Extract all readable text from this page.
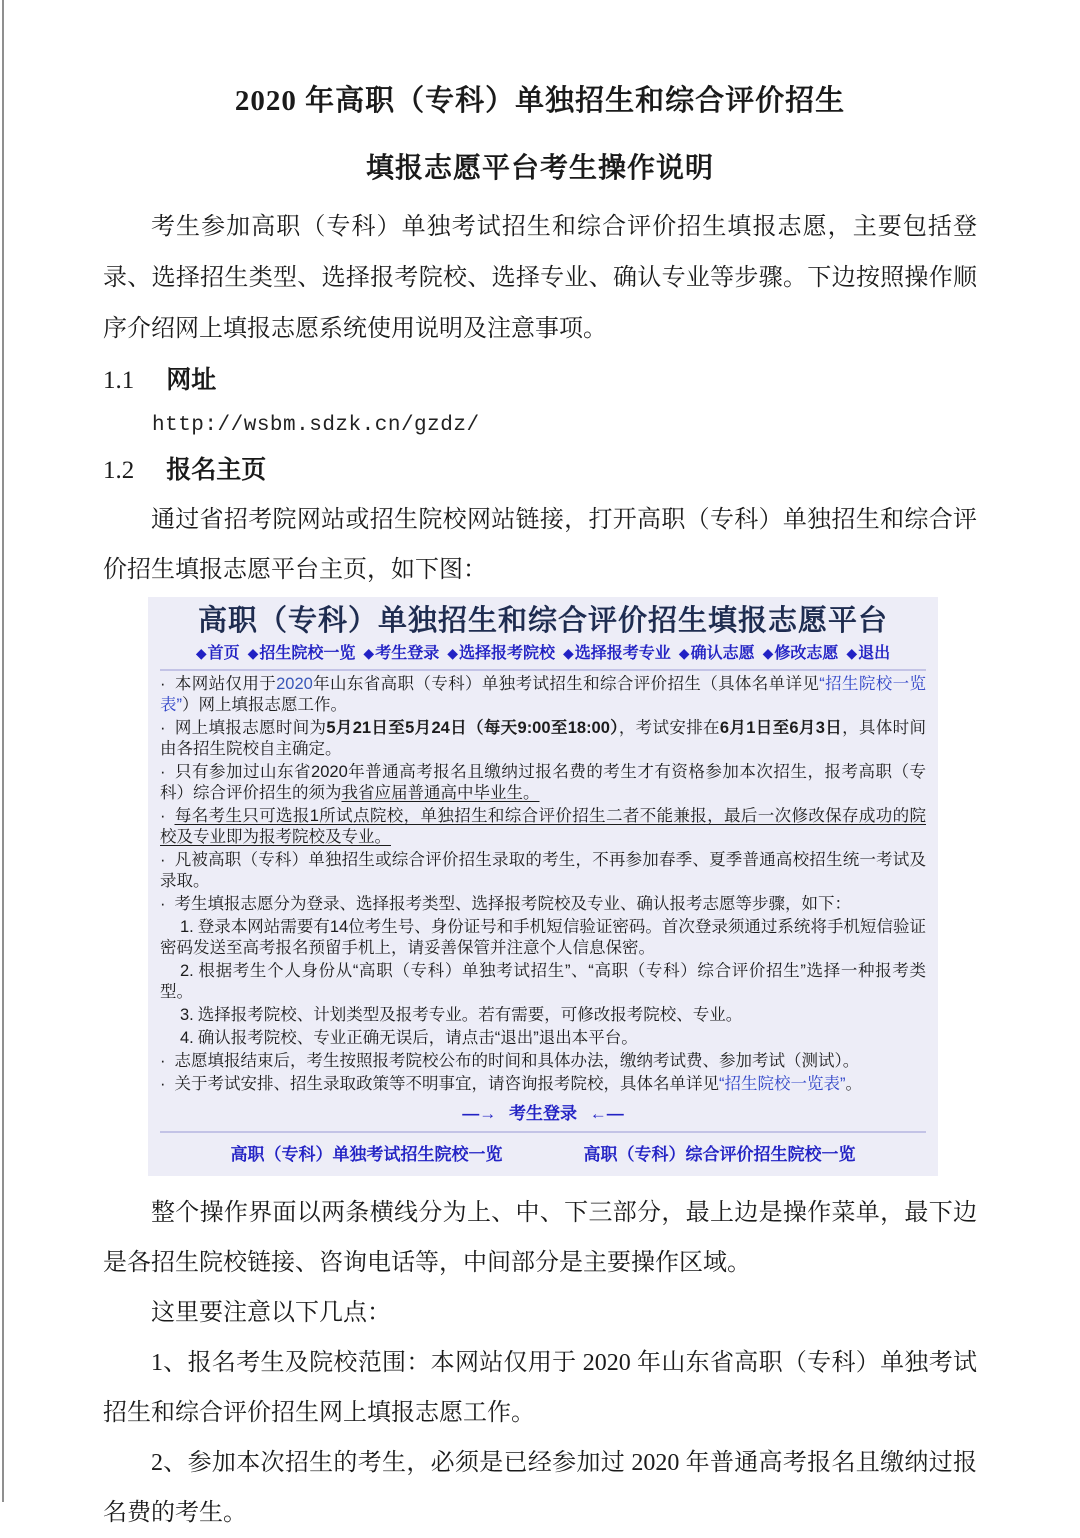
2020 年高职（专科）单独招生和综合评价招生
填报志愿平台考生操作说明

考生参加高职（专科）单独考试招生和综合评价招生填报志愿，主要包括登录、选择招生类型、选择报考院校、选择专业、确认专业等步骤。下边按照操作顺序介绍网上填报志愿系统使用说明及注意事项。

1.1 网址
http://wsbm.sdzk.cn/gzdz/
1.2 报名主页

通过省招考院网站或招生院校网站链接，打开高职（专科）单独招生和综合评价招生填报志愿平台主页，如下图：

高职（专科）单独招生和综合评价招生填报志愿平台
◆首页 ◆招生院校一览 ◆考生登录 ◆选择报考院校 ◆选择报考专业 ◆确认志愿 ◆修改志愿 ◆退出
· 本网站仅用于2020年山东省高职（专科）单独考试招生和综合评价招生（具体名单详见“招生院校一览表”）网上填报志愿工作。
· 网上填报志愿时间为5月21日至5月24日（每天9:00至18:00），考试安排在6月1日至6月3日，具体时间由各招生院校自主确定。
· 只有参加过山东省2020年普通高考报名且缴纳过报名费的考生才有资格参加本次招生，报考高职（专科）综合评价招生的须为我省应届普通高中毕业生。
· 每名考生只可选报1所试点院校，单独招生和综合评价招生二者不能兼报，最后一次修改保存成功的院校及专业即为报考院校及专业。
· 凡被高职（专科）单独招生或综合评价招生录取的考生，不再参加春季、夏季普通高校招生统一考试及录取。
· 考生填报志愿分为登录、选择报考类型、选择报考院校及专业、确认报考志愿等步骤，如下：
1. 登录本网站需要有14位考生号、身份证号和手机短信验证密码。首次登录须通过系统将手机短信验证密码发送至高考报名预留手机上，请妥善保管并注意个人信息保密。
2. 根据考生个人身份从“高职（专科）单独考试招生”、“高职（专科）综合评价招生”选择一种报考类型。
3. 选择报考院校、计划类型及报考专业。若有需要，可修改报考院校、专业。
4. 确认报考院校、专业正确无误后，请点击“退出”退出本平台。
· 志愿填报结束后，考生按照报考院校公布的时间和具体办法，缴纳考试费、参加考试（测试）。
· 关于考试安排、招生录取政策等不明事宜，请咨询报考院校，具体名单详见“招生院校一览表”。
—→ 考生登录 ←—
高职（专科）单独考试招生院校一览	高职（专科）综合评价招生院校一览

整个操作界面以两条横线分为上、中、下三部分，最上边是操作菜单，最下边是各招生院校链接、咨询电话等，中间部分是主要操作区域。

这里要注意以下几点：

1、报名考生及院校范围：本网站仅用于 2020 年山东省高职（专科）单独考试招生和综合评价招生网上填报志愿工作。

2、参加本次招生的考生，必须是已经参加过 2020 年普通高考报名且缴纳过报名费的考生。
